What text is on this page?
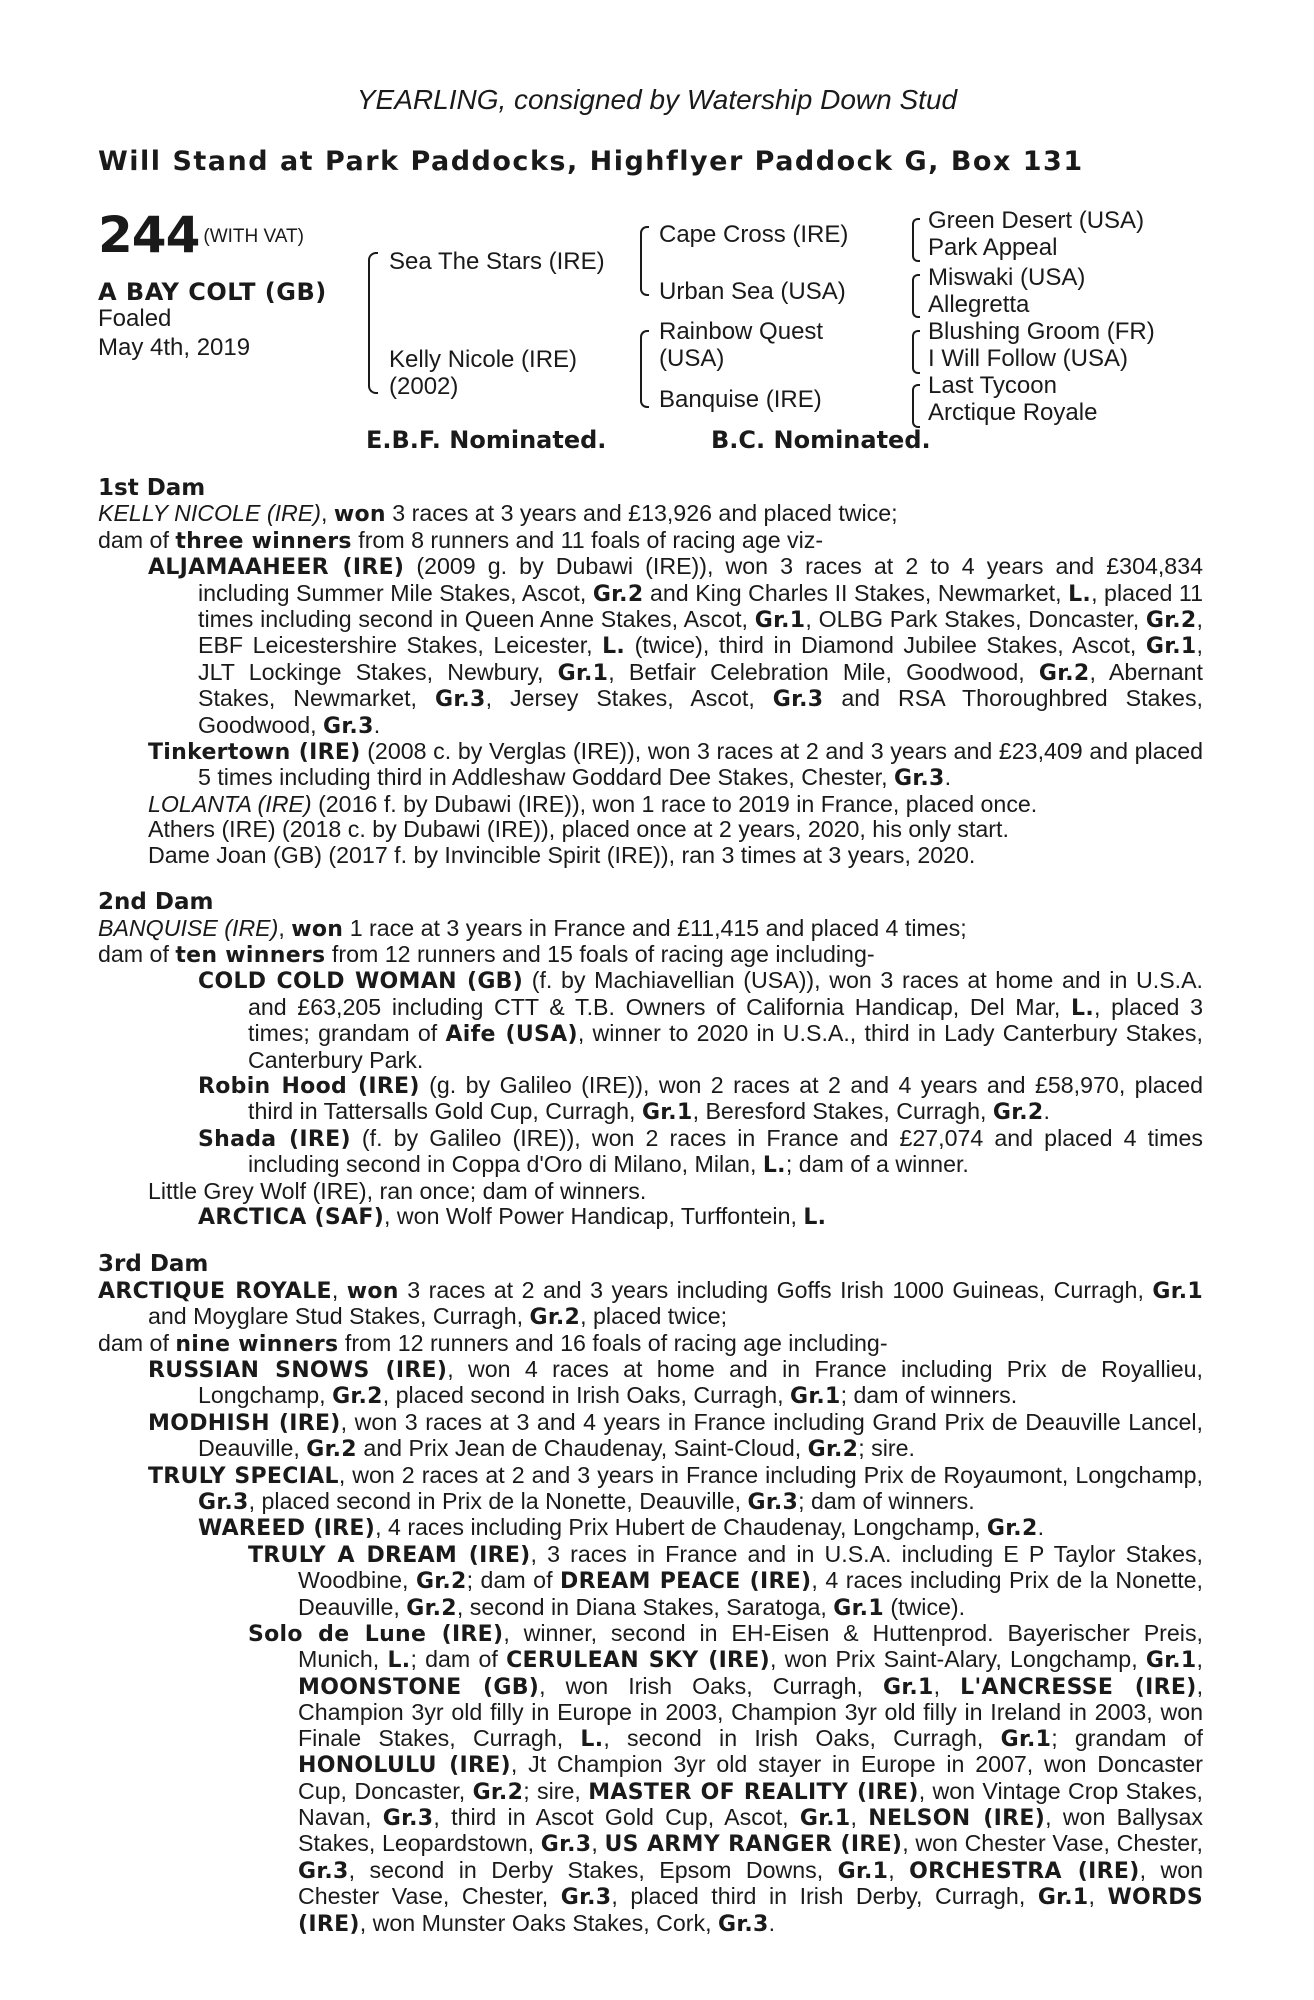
YEARLING, consigned by Watership Down Stud
Will Stand at Park Paddocks, Highflyer Paddock G, Box 131
244 (WITH VAT)
A BAY COLT (GB)
Foaled
May 4th, 2019
Sea The Stars (IRE)
Kelly Nicole (IRE)
(2002)
Cape Cross (IRE)
Urban Sea (USA)
Rainbow Quest
(USA)
Banquise (IRE)
Green Desert (USA)
Park Appeal
Miswaki (USA)
Allegretta
Blushing Groom (FR)
I Will Follow (USA)
Last Tycoon
Arctique Royale
E.B.F. Nominated.	B.C. Nominated.
1st Dam
KELLY NICOLE (IRE), won 3 races at 3 years and £13,926 and placed twice;
dam of three winners from 8 runners and 11 foals of racing age viz-
ALJAMAAHEER (IRE) (2009 g. by Dubawi (IRE)), won 3 races at 2 to 4 years and £304,834 including Summer Mile Stakes, Ascot, Gr.2 and King Charles II Stakes, Newmarket, L., placed 11 times including second in Queen Anne Stakes, Ascot, Gr.1, OLBG Park Stakes, Doncaster, Gr.2, EBF Leicestershire Stakes, Leicester, L. (twice), third in Diamond Jubilee Stakes, Ascot, Gr.1, JLT Lockinge Stakes, Newbury, Gr.1, Betfair Celebration Mile, Goodwood, Gr.2, Abernant Stakes, Newmarket, Gr.3, Jersey Stakes, Ascot, Gr.3 and RSA Thoroughbred Stakes, Goodwood, Gr.3.
Tinkertown (IRE) (2008 c. by Verglas (IRE)), won 3 races at 2 and 3 years and £23,409 and placed 5 times including third in Addleshaw Goddard Dee Stakes, Chester, Gr.3.
LOLANTA (IRE) (2016 f. by Dubawi (IRE)), won 1 race to 2019 in France, placed once.
Athers (IRE) (2018 c. by Dubawi (IRE)), placed once at 2 years, 2020, his only start.
Dame Joan (GB) (2017 f. by Invincible Spirit (IRE)), ran 3 times at 3 years, 2020.
2nd Dam
BANQUISE (IRE), won 1 race at 3 years in France and £11,415 and placed 4 times;
dam of ten winners from 12 runners and 15 foals of racing age including-
COLD COLD WOMAN (GB) (f. by Machiavellian (USA)), won 3 races at home and in U.S.A. and £63,205 including CTT & T.B. Owners of California Handicap, Del Mar, L., placed 3 times; grandam of Aife (USA), winner to 2020 in U.S.A., third in Lady Canterbury Stakes, Canterbury Park.
Robin Hood (IRE) (g. by Galileo (IRE)), won 2 races at 2 and 4 years and £58,970, placed third in Tattersalls Gold Cup, Curragh, Gr.1, Beresford Stakes, Curragh, Gr.2.
Shada (IRE) (f. by Galileo (IRE)), won 2 races in France and £27,074 and placed 4 times including second in Coppa d'Oro di Milano, Milan, L.; dam of a winner.
Little Grey Wolf (IRE), ran once; dam of winners.
ARCTICA (SAF), won Wolf Power Handicap, Turffontein, L.
3rd Dam
ARCTIQUE ROYALE, won 3 races at 2 and 3 years including Goffs Irish 1000 Guineas, Curragh, Gr.1 and Moyglare Stud Stakes, Curragh, Gr.2, placed twice;
dam of nine winners from 12 runners and 16 foals of racing age including-
RUSSIAN SNOWS (IRE), won 4 races at home and in France including Prix de Royallieu, Longchamp, Gr.2, placed second in Irish Oaks, Curragh, Gr.1; dam of winners.
MODHISH (IRE), won 3 races at 3 and 4 years in France including Grand Prix de Deauville Lancel, Deauville, Gr.2 and Prix Jean de Chaudenay, Saint-Cloud, Gr.2; sire.
TRULY SPECIAL, won 2 races at 2 and 3 years in France including Prix de Royaumont, Longchamp, Gr.3, placed second in Prix de la Nonette, Deauville, Gr.3; dam of winners.
WAREED (IRE), 4 races including Prix Hubert de Chaudenay, Longchamp, Gr.2.
TRULY A DREAM (IRE), 3 races in France and in U.S.A. including E P Taylor Stakes, Woodbine, Gr.2; dam of DREAM PEACE (IRE), 4 races including Prix de la Nonette, Deauville, Gr.2, second in Diana Stakes, Saratoga, Gr.1 (twice).
Solo de Lune (IRE), winner, second in EH-Eisen & Huttenprod. Bayerischer Preis, Munich, L.; dam of CERULEAN SKY (IRE), won Prix Saint-Alary, Longchamp, Gr.1, MOONSTONE (GB), won Irish Oaks, Curragh, Gr.1, L'ANCRESSE (IRE), Champion 3yr old filly in Europe in 2003, Champion 3yr old filly in Ireland in 2003, won Finale Stakes, Curragh, L., second in Irish Oaks, Curragh, Gr.1; grandam of HONOLULU (IRE), Jt Champion 3yr old stayer in Europe in 2007, won Doncaster Cup, Doncaster, Gr.2; sire, MASTER OF REALITY (IRE), won Vintage Crop Stakes, Navan, Gr.3, third in Ascot Gold Cup, Ascot, Gr.1, NELSON (IRE), won Ballysax Stakes, Leopardstown, Gr.3, US ARMY RANGER (IRE), won Chester Vase, Chester, Gr.3, second in Derby Stakes, Epsom Downs, Gr.1, ORCHESTRA (IRE), won Chester Vase, Chester, Gr.3, placed third in Irish Derby, Curragh, Gr.1, WORDS (IRE), won Munster Oaks Stakes, Cork, Gr.3.
